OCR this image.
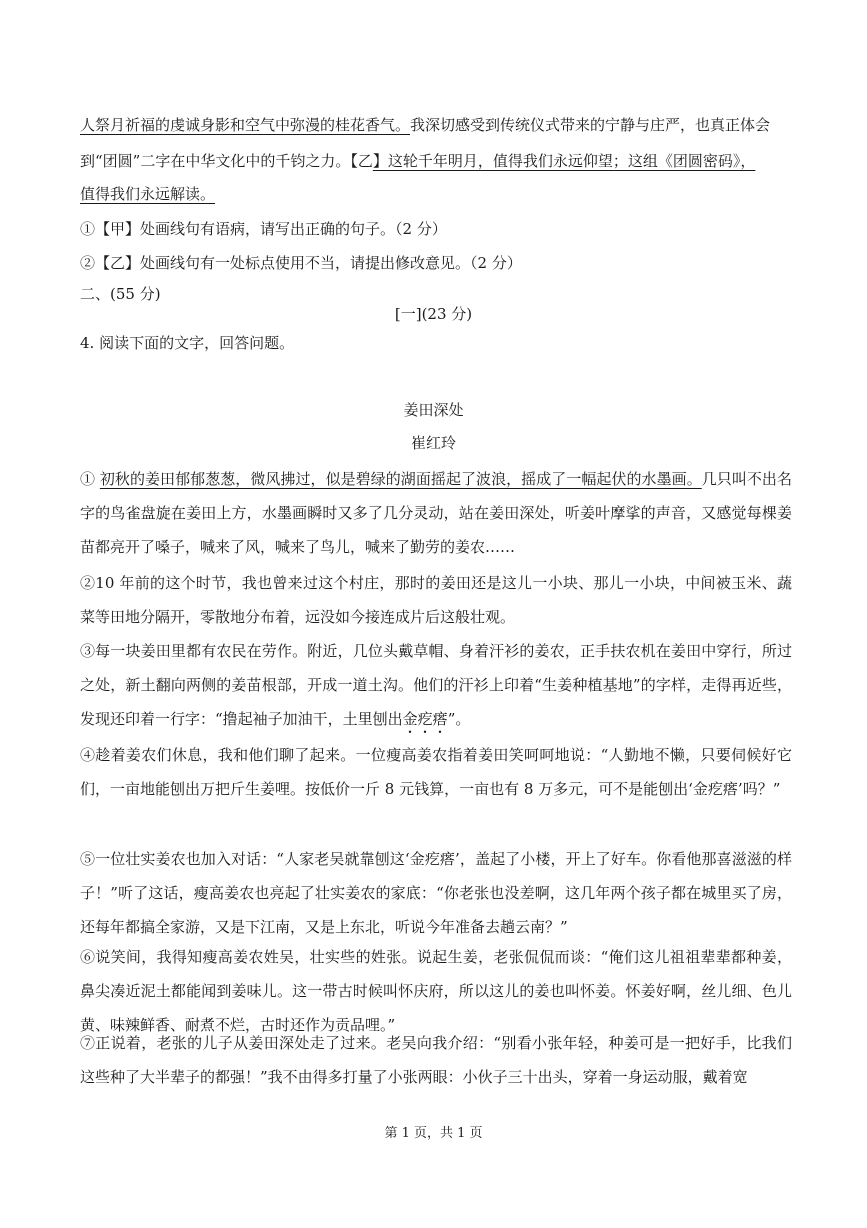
人祭月祈福的虔诚身影和空气中弥漫的桂花香气。我深切感受到传统仪式带来的宁静与庄严，也真正体会
到“团圆”二字在中华文化中的千钧之力。【乙】这轮千年明月，值得我们永远仰望；这组《团圆密码》，
值得我们永远解读。
①【甲】处画线句有语病，请写出正确的句子。（2 分）
②【乙】处画线句有一处标点使用不当，请提出修改意见。（2 分）
二、(55 分)
[一](23 分)
4. 阅读下面的文字，回答问题。
姜田深处
崔红玲
① 初秋的姜田郁郁葱葱，微风拂过，似是碧绿的湖面摇起了波浪，摇成了一幅起伏的水墨画。几只叫不出名字的鸟雀盘旋在姜田上方，水墨画瞬时又多了几分灵动，站在姜田深处，听姜叶摩挲的声音，又感觉每棵姜苗都亮开了嗓子，喊来了风，喊来了鸟儿，喊来了勤劳的姜农……
②10 年前的这个时节，我也曾来过这个村庄，那时的姜田还是这儿一小块、那儿一小块，中间被玉米、蔬菜等田地分隔开，零散地分布着，远没如今接连成片后这般壮观。
③每一块姜田里都有农民在劳作。附近，几位头戴草帽、身着汗衫的姜农，正手扶农机在姜田中穿行，所过之处，新土翻向两侧的姜苗根部，开成一道土沟。他们的汗衫上印着“生姜种植基地”的字样，走得再近些，发现还印着一行字：“撸起袖子加油干，土里刨出金疙瘩”。
④趁着姜农们休息，我和他们聊了起来。一位瘦高姜农指着姜田笑呵呵地说：“人勤地不懒，只要伺候好它们，一亩地能刨出万把斤生姜哩。按低价一斤 8 元钱算，一亩也有 8 万多元，可不是能刨出‘金疙瘩’吗？”
⑤一位壮实姜农也加入对话：“人家老吴就靠刨这‘金疙瘩’，盖起了小楼，开上了好车。你看他那喜滋滋的样子！”听了这话，瘦高姜农也亮起了壮实姜农的家底：“你老张也没差啊，这几年两个孩子都在城里买了房，还每年都搞全家游，又是下江南，又是上东北，听说今年准备去趟云南？”
⑥说笑间，我得知瘦高姜农姓吴，壮实些的姓张。说起生姜，老张侃侃而谈：“俺们这儿祖祖辈辈都种姜，鼻尖凑近泥土都能闻到姜味儿。这一带古时候叫怀庆府，所以这儿的姜也叫怀姜。怀姜好啊，丝儿细、色儿黄、味辣鲜香、耐煮不烂，古时还作为贡品哩。”
⑦正说着，老张的儿子从姜田深处走了过来。老吴向我介绍：“别看小张年轻，种姜可是一把好手，比我们这些种了大半辈子的都强！”我不由得多打量了小张两眼：小伙子三十出头，穿着一身运动服，戴着宽
第 1 页，共 1 页
